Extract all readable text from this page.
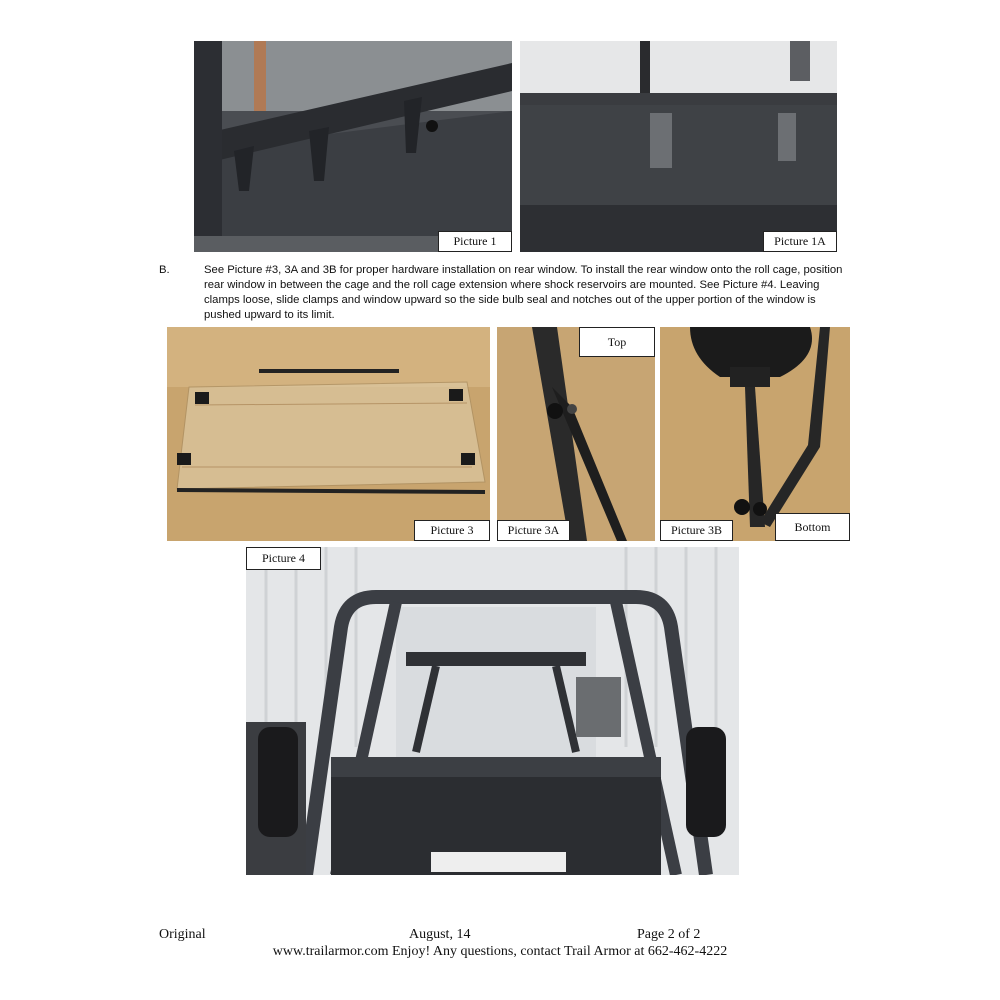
Picture 1	Picture 1A
B.	See Picture #3, 3A and 3B for proper hardware installation on rear window. To install the rear window onto the roll cage, position rear window in between the cage and the roll cage extension where shock reservoirs are mounted. See Picture #4. Leaving clamps loose, slide clamps and window upward so the side bulb seal and notches out of the upper portion of the window is pushed upward to its limit.

Picture 3
Top
Picture 3A	Picture 3B	Bottom
Picture 4
Original	August, 14	Page 2 of 2
www.trailarmor.com Enjoy! Any questions, contact Trail Armor at 662-462-4222
